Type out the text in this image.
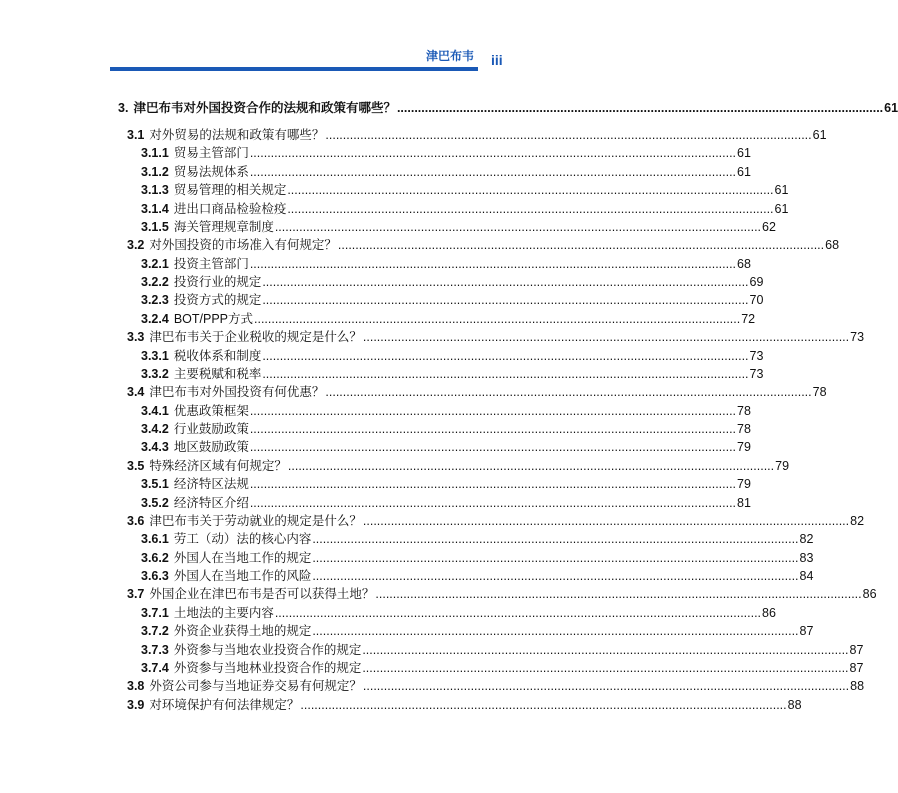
津巴布韦 iii
3. 津巴布韦对外国投资合作的法规和政策有哪些？ ............................................................................................................................................ 61
3.1 对外贸易的法规和政策有哪些？ ............................................................................................................................................ 61
3.1.1 贸易主管部门 ............................................................................................................................................ 61
3.1.2 贸易法规体系 ............................................................................................................................................ 61
3.1.3 贸易管理的相关规定 ............................................................................................................................................ 61
3.1.4 进出口商品检验检疫 ............................................................................................................................................ 61
3.1.5 海关管理规章制度 ............................................................................................................................................ 62
3.2 对外国投资的市场准入有何规定？ ............................................................................................................................................ 68
3.2.1 投资主管部门 ............................................................................................................................................ 68
3.2.2 投资行业的规定 ............................................................................................................................................ 69
3.2.3 投资方式的规定 ............................................................................................................................................ 70
3.2.4 BOT/PPP方式 ............................................................................................................................................ 72
3.3 津巴布韦关于企业税收的规定是什么？ ............................................................................................................................................ 73
3.3.1 税收体系和制度 ............................................................................................................................................ 73
3.3.2 主要税赋和税率 ............................................................................................................................................ 73
3.4 津巴布韦对外国投资有何优惠？ ............................................................................................................................................ 78
3.4.1 优惠政策框架 ............................................................................................................................................ 78
3.4.2 行业鼓励政策 ............................................................................................................................................ 78
3.4.3 地区鼓励政策 ............................................................................................................................................ 79
3.5 特殊经济区域有何规定？ ............................................................................................................................................ 79
3.5.1 经济特区法规 ............................................................................................................................................ 79
3.5.2 经济特区介绍 ............................................................................................................................................ 81
3.6 津巴布韦关于劳动就业的规定是什么？ ............................................................................................................................................ 82
3.6.1 劳工（动）法的核心内容 ............................................................................................................................................ 82
3.6.2 外国人在当地工作的规定 ............................................................................................................................................ 83
3.6.3 外国人在当地工作的风险 ............................................................................................................................................ 84
3.7 外国企业在津巴布韦是否可以获得土地？ ............................................................................................................................................ 86
3.7.1 土地法的主要内容 ............................................................................................................................................ 86
3.7.2 外资企业获得土地的规定 ............................................................................................................................................ 87
3.7.3 外资参与当地农业投资合作的规定 ............................................................................................................................................ 87
3.7.4 外资参与当地林业投资合作的规定 ............................................................................................................................................ 87
3.8 外资公司参与当地证券交易有何规定？ ............................................................................................................................................ 88
3.9 对环境保护有何法律规定？ ............................................................................................................................................ 88
